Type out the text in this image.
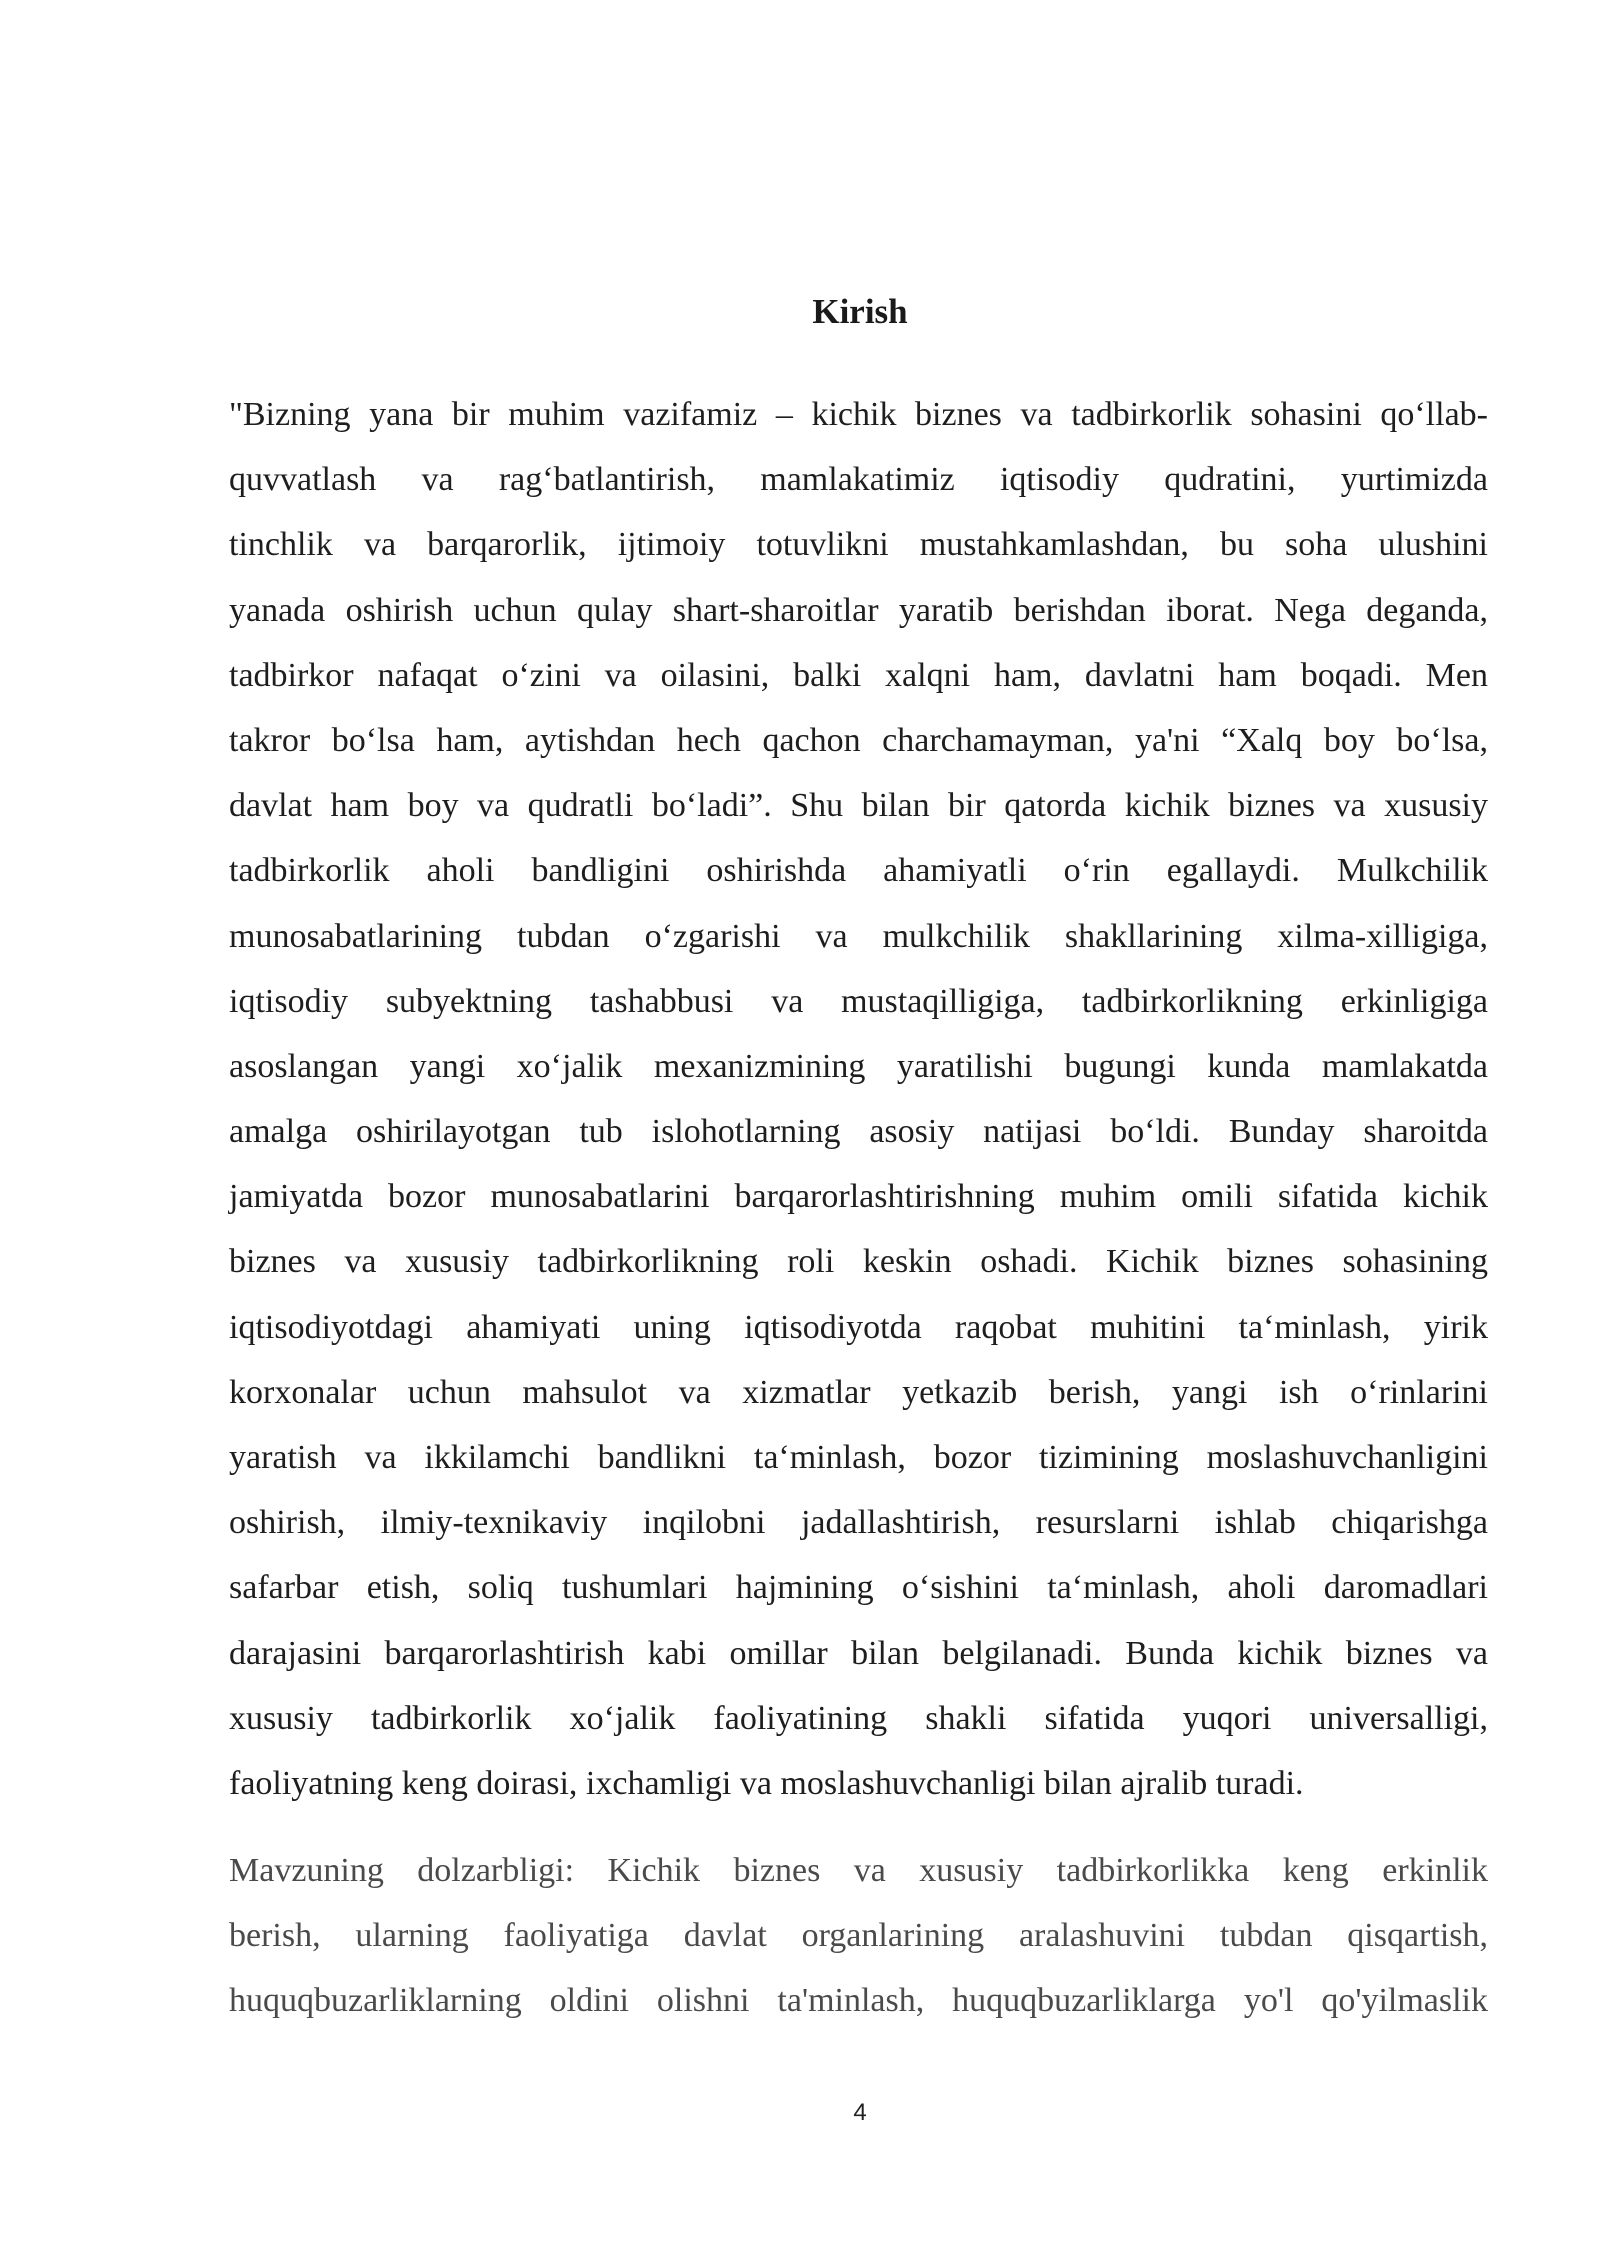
Kirish

"Bizning yana bir muhim vazifamiz – kichik biznes va tadbirkorlik sohasini qo‘llab-
quvvatlash va rag‘batlantirish, mamlakatimiz iqtisodiy qudratini, yurtimizda
tinchlik va barqarorlik, ijtimoiy totuvlikni mustahkamlashdan, bu soha ulushini
yanada oshirish uchun qulay shart-sharoitlar yaratib berishdan iborat. Nega deganda,
tadbirkor nafaqat o‘zini va oilasini, balki xalqni ham, davlatni ham boqadi. Men
takror bo‘lsa ham, aytishdan hech qachon charchamayman, ya'ni “Xalq boy bo‘lsa,
davlat ham boy va qudratli bo‘ladi”. Shu bilan bir qatorda kichik biznes va xususiy
tadbirkorlik aholi bandligini oshirishda ahamiyatli o‘rin egallaydi. Mulkchilik
munosabatlarining tubdan o‘zgarishi va mulkchilik shakllarining xilma-xilligiga,
iqtisodiy subyektning tashabbusi va mustaqilligiga, tadbirkorlikning erkinligiga
asoslangan yangi xo‘jalik mexanizmining yaratilishi bugungi kunda mamlakatda
amalga oshirilayotgan tub islohotlarning asosiy natijasi bo‘ldi. Bunday sharoitda
jamiyatda bozor munosabatlarini barqarorlashtirishning muhim omili sifatida kichik
biznes va xususiy tadbirkorlikning roli keskin oshadi. Kichik biznes sohasining
iqtisodiyotdagi ahamiyati uning iqtisodiyotda raqobat muhitini ta‘minlash, yirik
korxonalar uchun mahsulot va xizmatlar yetkazib berish, yangi ish o‘rinlarini
yaratish va ikkilamchi bandlikni ta‘minlash, bozor tizimining moslashuvchanligini
oshirish, ilmiy-texnikaviy inqilobni jadallashtirish, resurslarni ishlab chiqarishga
safarbar etish, soliq tushumlari hajmining o‘sishini ta‘minlash, aholi daromadlari
darajasini barqarorlashtirish kabi omillar bilan belgilanadi. Bunda kichik biznes va
xususiy tadbirkorlik xo‘jalik faoliyatining shakli sifatida yuqori universalligi,
faoliyatning keng doirasi, ixchamligi va moslashuvchanligi bilan ajralib turadi.

Mavzuning dolzarbligi: Kichik biznes va xususiy tadbirkorlikka keng erkinlik
berish, ularning faoliyatiga davlat organlarining aralashuvini tubdan qisqartish,
huquqbuzarliklarning oldini olishni ta'minlash, huquqbuzarliklarga yo'l qo'yilmaslik

4
